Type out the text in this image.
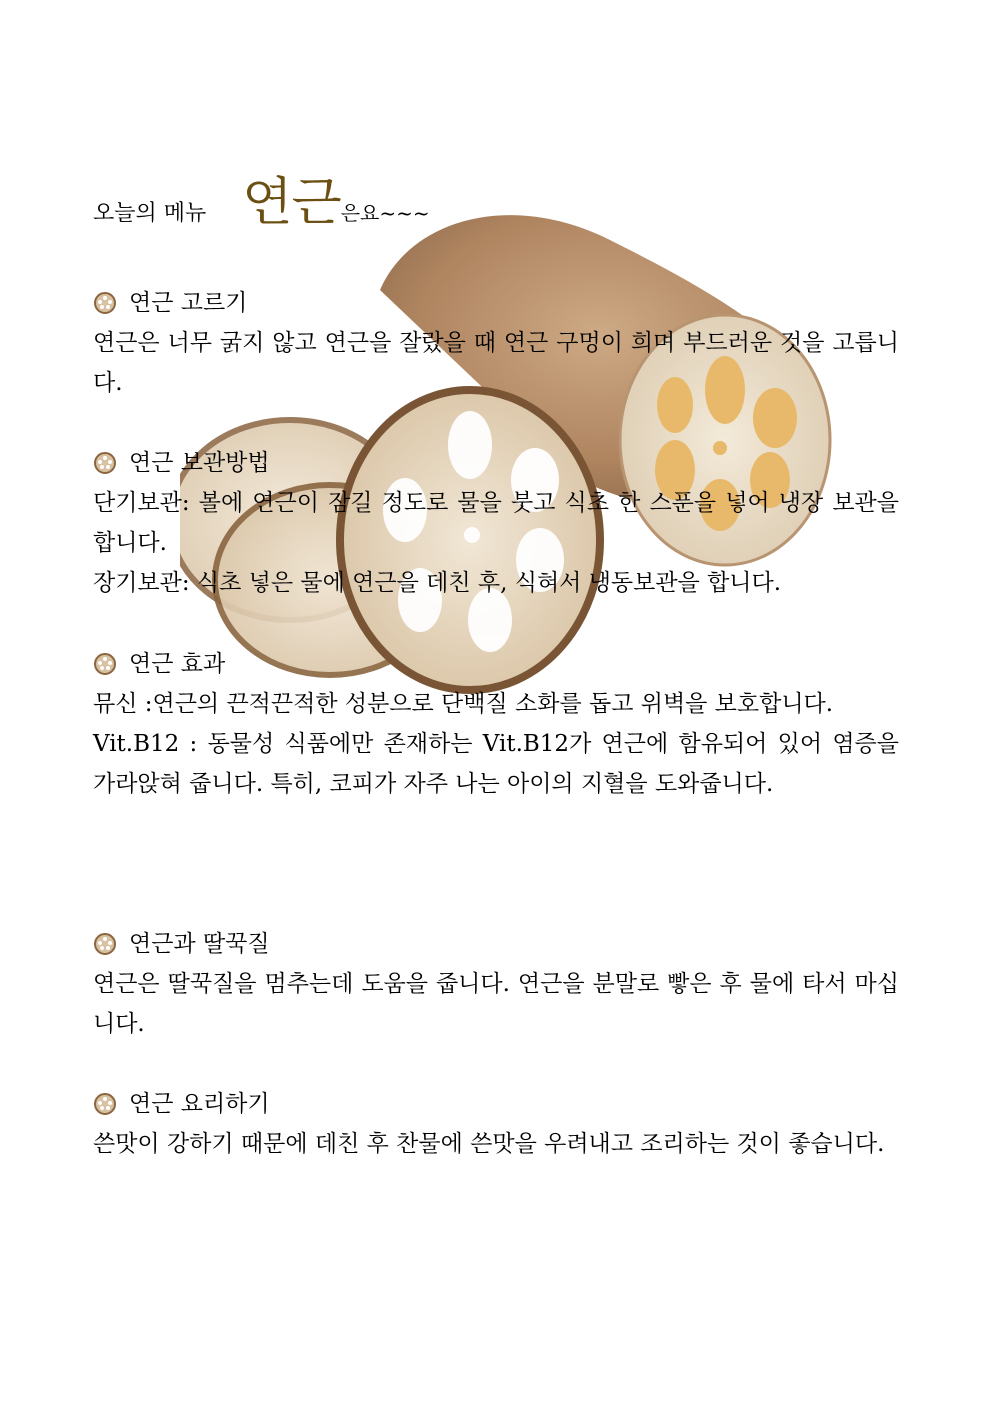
오늘의 메뉴 연근은요~~~
연근 고르기
연근은 너무 굵지 않고 연근을 잘랐을 때 연근 구멍이 희며 부드러운 것을 고릅니다.
연근 보관방법
단기보관: 볼에 연근이 잠길 정도로 물을 붓고 식초 한 스푼을 넣어 냉장 보관을 합니다.
장기보관: 식초 넣은 물에 연근을 데친 후, 식혀서 냉동보관을 합니다.
연근 효과
뮤신 :연근의 끈적끈적한 성분으로 단백질 소화를 돕고 위벽을 보호합니다.
Vit.B12 : 동물성 식품에만 존재하는 Vit.B12가 연근에 함유되어 있어 염증을 가라앉혀 줍니다. 특히, 코피가 자주 나는 아이의 지혈을 도와줍니다.
연근과 딸꾹질
연근은 딸꾹질을 멈추는데 도움을 줍니다. 연근을 분말로 빻은 후 물에 타서 마십니다.
연근 요리하기
쓴맛이 강하기 때문에 데친 후 찬물에 쓴맛을 우려내고 조리하는 것이 좋습니다.
